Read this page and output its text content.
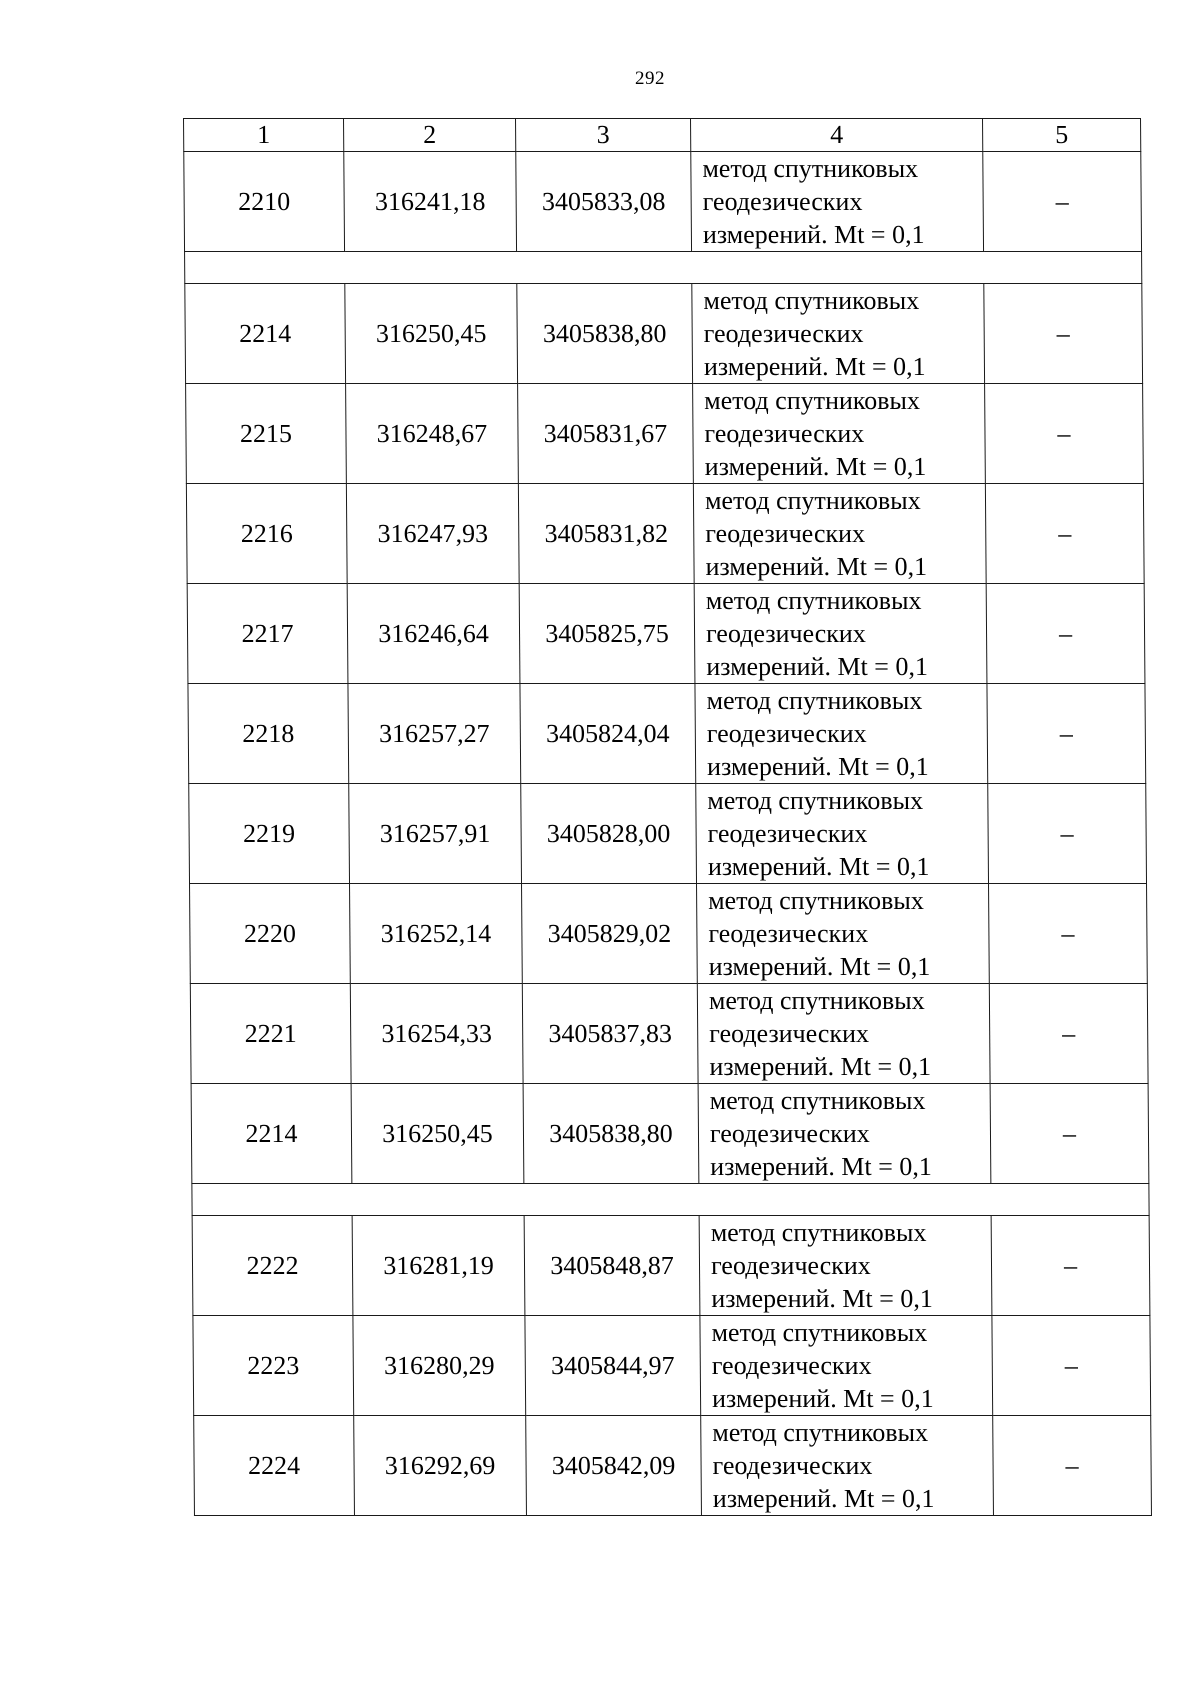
292
1	2	3	4	5
2210	316241,18	3405833,08	метод спутниковых
геодезических
измерений. Mt = 0,1	–

2214	316250,45	3405838,80	метод спутниковых
геодезических
измерений. Mt = 0,1	–
2215	316248,67	3405831,67	метод спутниковых
геодезических
измерений. Mt = 0,1	–
2216	316247,93	3405831,82	метод спутниковых
геодезических
измерений. Mt = 0,1	–
2217	316246,64	3405825,75	метод спутниковых
геодезических
измерений. Mt = 0,1	–
2218	316257,27	3405824,04	метод спутниковых
геодезических
измерений. Mt = 0,1	–
2219	316257,91	3405828,00	метод спутниковых
геодезических
измерений. Mt = 0,1	–
2220	316252,14	3405829,02	метод спутниковых
геодезических
измерений. Mt = 0,1	–
2221	316254,33	3405837,83	метод спутниковых
геодезических
измерений. Mt = 0,1	–
2214	316250,45	3405838,80	метод спутниковых
геодезических
измерений. Mt = 0,1	–

2222	316281,19	3405848,87	метод спутниковых
геодезических
измерений. Mt = 0,1	–
2223	316280,29	3405844,97	метод спутниковых
геодезических
измерений. Mt = 0,1	–
2224	316292,69	3405842,09	метод спутниковых
геодезических
измерений. Mt = 0,1	–
